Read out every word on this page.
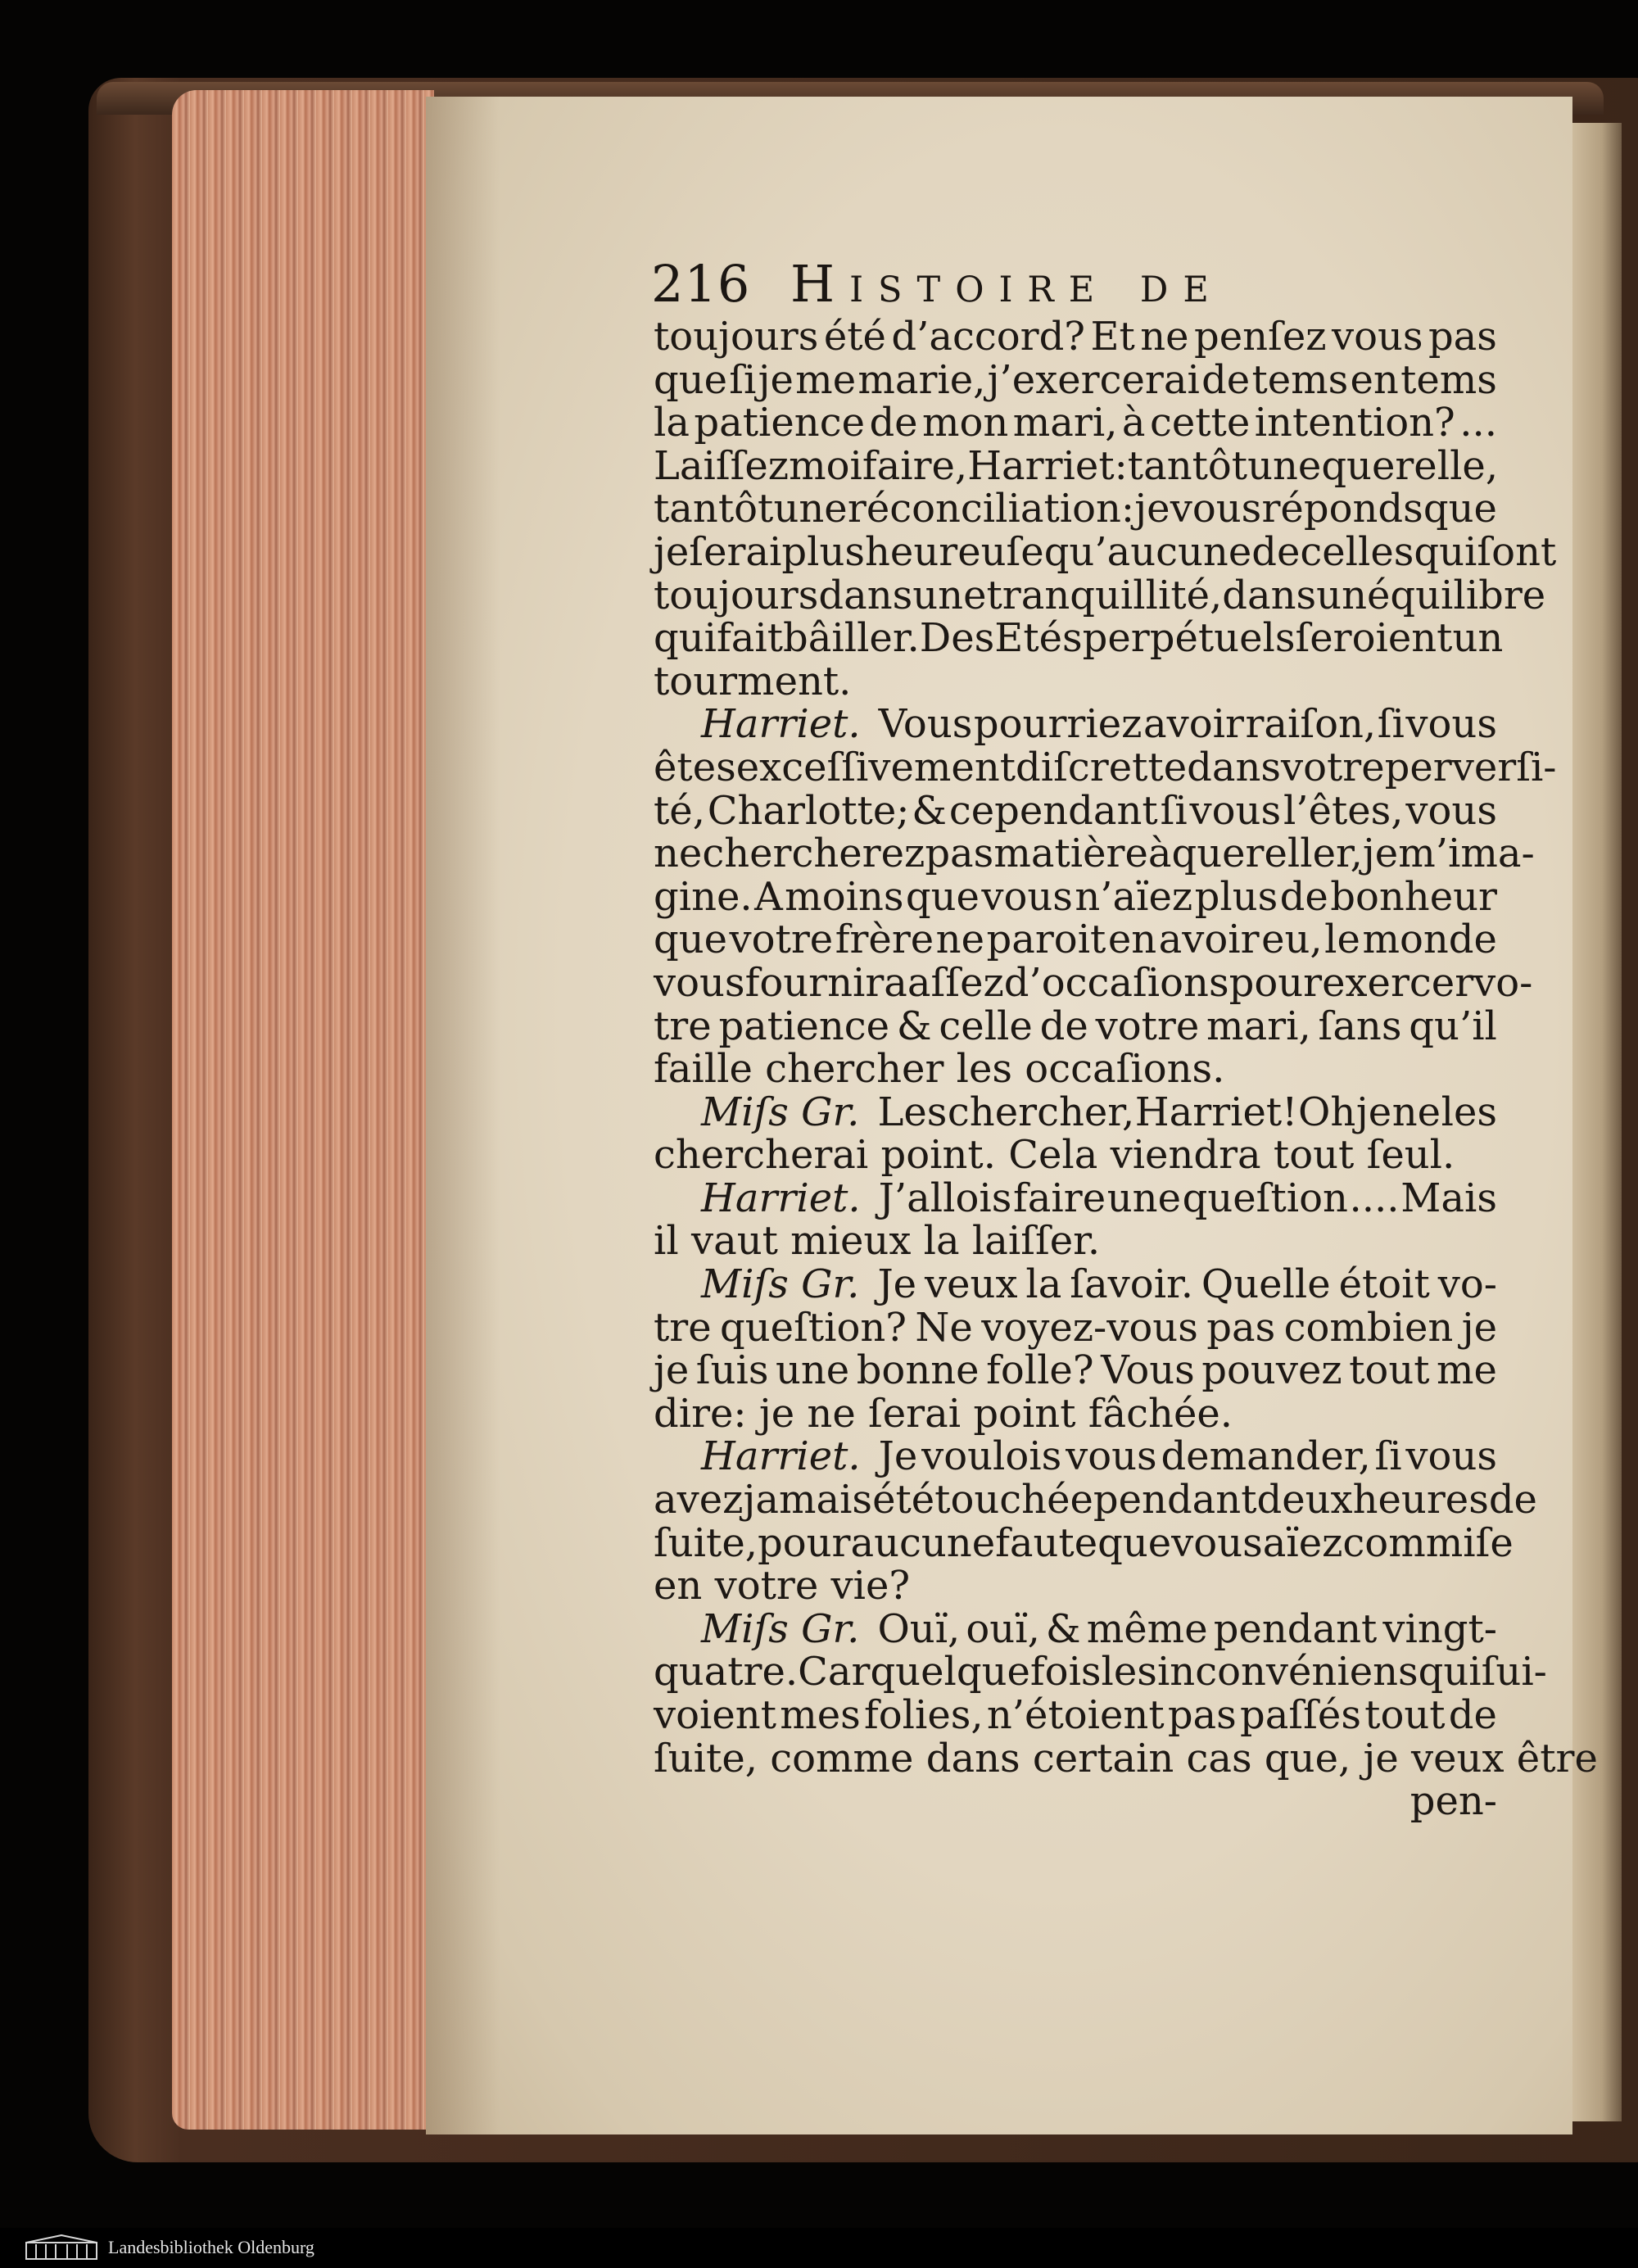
216 Histoire de
toujours été d’accord? Et ne penſez vous pas
que ſi je me marie, j’exercerai de tems en tems
la patience de mon mari, à cette intention? ...
Laiſſez moi faire, Harriet: tantôt une querelle,
tantôt une réconciliation: je vous réponds que
je ſerai plus heureuſe qu’aucune de celles qui ſont
toujours dans une tranquillité, dans un équilibre
qui fait bâiller. Des Etés perpétuels ſeroient un
tourment.
Harriet. Vous pourriez avoir raiſon, ſi vous
êtes exceſſivement diſcrette dans votre perverſi-
té, Charlotte; & cependant ſi vous l’êtes, vous
ne chercherez pas matière à quereller, je m’ima-
gine. A moins que vous n’aïez plus de bonheur
que votre frère ne paroit en avoir eu, le monde
vous fournira aſſez d’occaſions pour exercer vo-
tre patience & celle de votre mari, ſans qu’il
faille chercher les occaſions.
Miſs Gr. Les chercher, Harriet! Oh je ne les
chercherai point. Cela viendra tout ſeul.
Harriet. J’allois faire une queſtion .... Mais
il vaut mieux la laiſſer.
Miſs Gr. Je veux la ſavoir. Quelle étoit vo-
tre queſtion? Ne voyez-vous pas combien je
je ſuis une bonne folle? Vous pouvez tout me
dire: je ne ſerai point fâchée.
Harriet. Je voulois vous demander, ſi vous
avez jamais été touchée pendant deux heures de
ſuite, pour aucune faute que vous aïez commiſe
en votre vie?
Miſs Gr. Ouï, ouï, & même pendant vingt-
quatre. Car quelquefois les inconvéniens qui ſui-
voient mes folies, n’étoient pas paſſés tout de
ſuite, comme dans certain cas que, je veux être
pen-
Landesbibliothek Oldenburg
